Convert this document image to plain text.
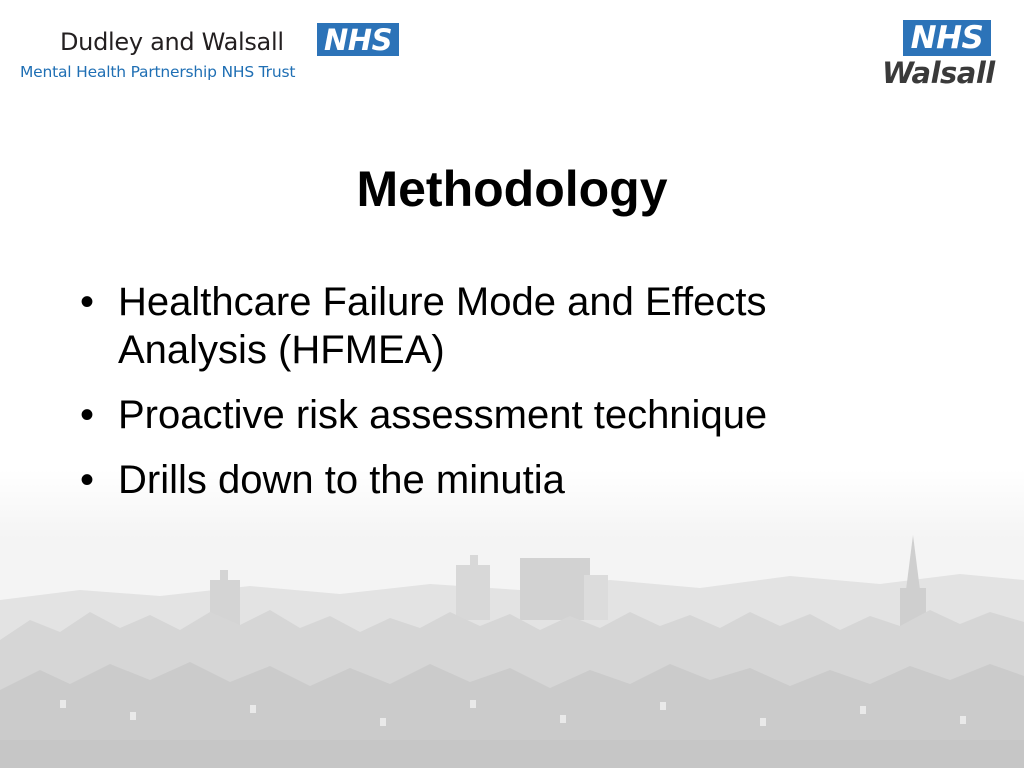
Dudley and Walsall NHS
Mental Health Partnership NHS Trust
NHS
Walsall
Methodology
• Healthcare Failure Mode and Effects Analysis (HFMEA)
• Proactive risk assessment technique
• Drills down to the minutia
